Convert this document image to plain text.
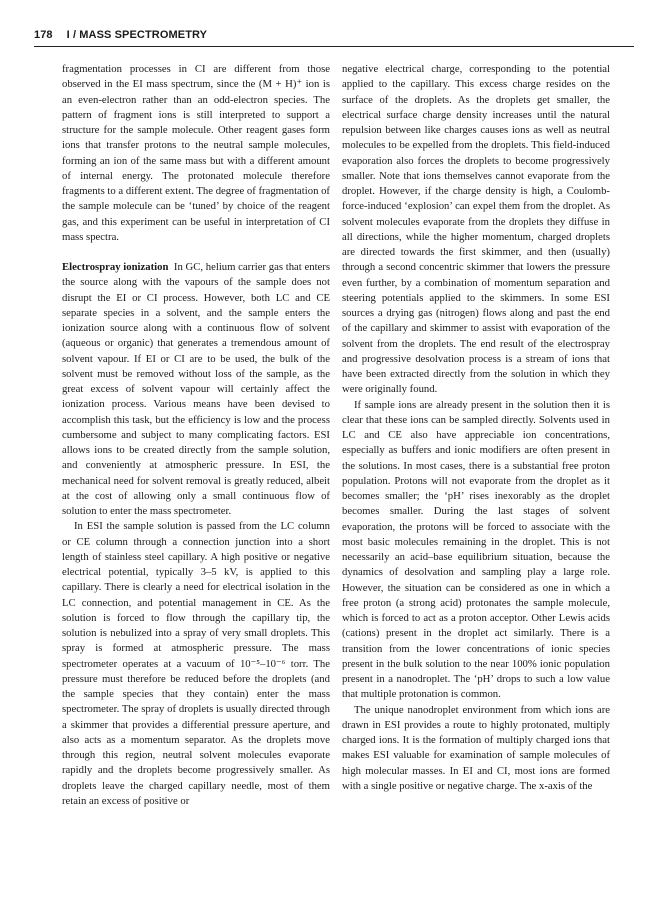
178 I / MASS SPECTROMETRY

fragmentation processes in CI are different from those observed in the EI mass spectrum, since the (M + H)⁺ ion is an even-electron rather than an odd-electron species. The pattern of fragment ions is still interpreted to support a structure for the sample molecule. Other reagent gases form ions that transfer protons to the neutral sample molecules, forming an ion of the same mass but with a different amount of internal energy. The protonated molecule therefore fragments to a different extent. The degree of fragmentation of the sample molecule can be ‘tuned’ by choice of the reagent gas, and this experiment can be useful in interpretation of CI mass spectra.

Electrospray ionization In GC, helium carrier gas that enters the source along with the vapours of the sample does not disrupt the EI or CI process. However, both LC and CE separate species in a solvent, and the sample enters the ionization source along with a continuous flow of solvent (aqueous or organic) that generates a tremendous amount of solvent vapour. If EI or CI are to be used, the bulk of the solvent must be removed without loss of the sample, as the great excess of solvent vapour will certainly affect the ionization process. Various means have been devised to accomplish this task, but the efficiency is low and the process cumbersome and subject to many complicating factors. ESI allows ions to be created directly from the sample solution, and conveniently at atmospheric pressure. In ESI, the mechanical need for solvent removal is greatly reduced, albeit at the cost of allowing only a small continuous flow of solution to enter the mass spectrometer.

In ESI the sample solution is passed from the LC column or CE column through a connection junction into a short length of stainless steel capillary. A high positive or negative electrical potential, typically 3–5 kV, is applied to this capillary. There is clearly a need for electrical isolation in the LC connection, and potential management in CE. As the solution is forced to flow through the capillary tip, the solution is nebulized into a spray of very small droplets. This spray is formed at atmospheric pressure. The mass spectrometer operates at a vacuum of 10⁻⁵–10⁻⁶ torr. The pressure must therefore be reduced before the droplets (and the sample species that they contain) enter the mass spectrometer. The spray of droplets is usually directed through a skimmer that provides a differential pressure aperture, and also acts as a momentum separator. As the droplets move through this region, neutral solvent molecules evaporate rapidly and the droplets become progressively smaller. As droplets leave the charged capillary needle, most of them retain an excess of positive or

negative electrical charge, corresponding to the potential applied to the capillary. This excess charge resides on the surface of the droplets. As the droplets get smaller, the electrical surface charge density increases until the natural repulsion between like charges causes ions as well as neutral molecules to be expelled from the droplets. This field-induced evaporation also forces the droplets to become progressively smaller. Note that ions themselves cannot evaporate from the droplet. However, if the charge density is high, a Coulomb-force-induced ‘explosion’ can expel them from the droplet. As solvent molecules evaporate from the droplets they diffuse in all directions, while the higher momentum, charged droplets are directed towards the first skimmer, and then (usually) through a second concentric skimmer that lowers the pressure even further, by a combination of momentum separation and steering potentials applied to the skimmers. In some ESI sources a drying gas (nitrogen) flows along and past the end of the capillary and skimmer to assist with evaporation of the solvent from the droplets. The end result of the electrospray and progressive desolvation process is a stream of ions that have been extracted directly from the solution in which they were originally found.

If sample ions are already present in the solution then it is clear that these ions can be sampled directly. Solvents used in LC and CE also have appreciable ion concentrations, especially as buffers and ionic modifiers are often present in the solutions. In most cases, there is a substantial free proton population. Protons will not evaporate from the droplet as it becomes smaller; the ‘pH’ rises inexorably as the droplet becomes smaller. During the last stages of solvent evaporation, the protons will be forced to associate with the most basic molecules remaining in the droplet. This is not necessarily an acid–base equilibrium situation, because the dynamics of desolvation and sampling play a large role. However, the situation can be considered as one in which a free proton (a strong acid) protonates the sample molecule, which is forced to act as a proton acceptor. Other Lewis acids (cations) present in the droplet act similarly. There is a transition from the lower concentrations of ionic species present in the bulk solution to the near 100% ionic population present in a nanodroplet. The ‘pH’ drops to such a low value that multiple protonation is common.

The unique nanodroplet environment from which ions are drawn in ESI provides a route to highly protonated, multiply charged ions. It is the formation of multiply charged ions that makes ESI valuable for examination of sample molecules of high molecular masses. In EI and CI, most ions are formed with a single positive or negative charge. The x-axis of the
